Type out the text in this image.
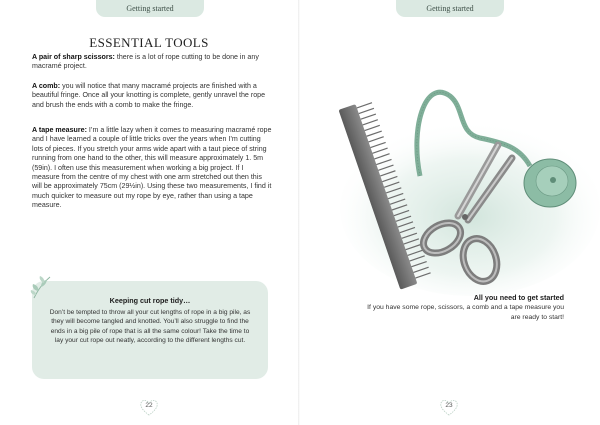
Getting started
ESSENTIAL TOOLS

A pair of sharp scissors: there is a lot of rope cutting to be done in any macramé project.

A comb: you will notice that many macramé projects are finished with a beautiful fringe. Once all your knotting is complete, gently unravel the rope and brush the ends with a comb to make the fringe.

A tape measure: I’m a little lazy when it comes to measuring macramé rope and I have learned a couple of little tricks over the years when I’m cutting lots of pieces. If you stretch your arms wide apart with a taut piece of string running from one hand to the other, this will measure approximately 1. 5m (59in). I often use this measurement when working a big project. If I measure from the centre of my chest with one arm stretched out then this will be approximately 75cm (29½in). Using these two measurements, I find it much quicker to measure out my rope by eye, rather than using a tape measure.

Keeping cut rope tidy…
Don’t be tempted to throw all your cut lengths of rope in a big pile, as they will become tangled and knotted. You’ll also struggle to find the ends in a big pile of rope that is all the same colour! Take the time to lay your cut rope out neatly, according to the different lengths cut.
22
Getting started
All you need to get started
If you have some rope, scissors, a comb and a tape measure you are ready to start!
23
